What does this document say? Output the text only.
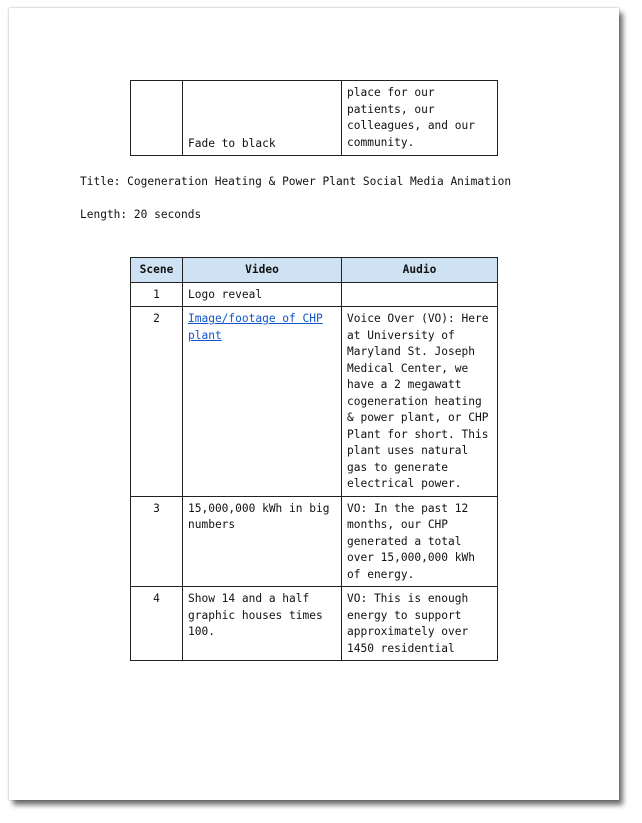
	Fade to black	place for our patients, our colleagues, and our community.
Title: Cogeneration Heating & Power Plant Social Media Animation
Length: 20 seconds
Scene	Video	Audio
1	Logo reveal	
2	Image/footage of CHP plant	Voice Over (VO): Here at University of Maryland St. Joseph Medical Center, we have a 2 megawatt cogeneration heating & power plant, or CHP Plant for short. This plant uses natural gas to generate electrical power.
3	15,000,000 kWh in big numbers	VO: In the past 12 months, our CHP generated a total over 15,000,000 kWh of energy.
4	Show 14 and a half graphic houses times 100.	VO: This is enough energy to support approximately over 1450 residential
